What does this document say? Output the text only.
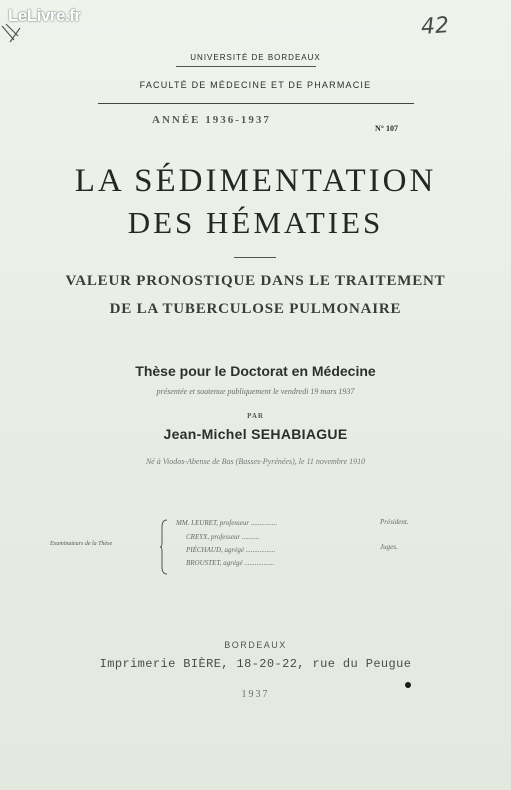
LeLivre.fr	42
UNIVERSITÉ DE BORDEAUX
FACULTÉ DE MÉDECINE ET DE PHARMACIE
ANNÉE 1936-1937
N° 107
LA SÉDIMENTATION
DES HÉMATIES
VALEUR PRONOSTIQUE DANS LE TRAITEMENT
DE LA TUBERCULOSE PULMONAIRE
Thèse pour le Doctorat en Médecine
présentée et soutenue publiquement le vendredi 19 mars 1937
PAR
Jean-Michel SEHABIAGUE
Né à Viodos-Abense de Bas (Basses-Pyrénées), le 11 novembre 1910
Examinateurs de la Thèse
MM. LEURET, professeur ...............
CREYX, professeur ..........
PIÉCHAUD, agrégé .................
BROUSTET, agrégé .................
Président.
Juges.
BORDEAUX
Imprimerie BIÈRE, 18-20-22, rue du Peugue
1937
